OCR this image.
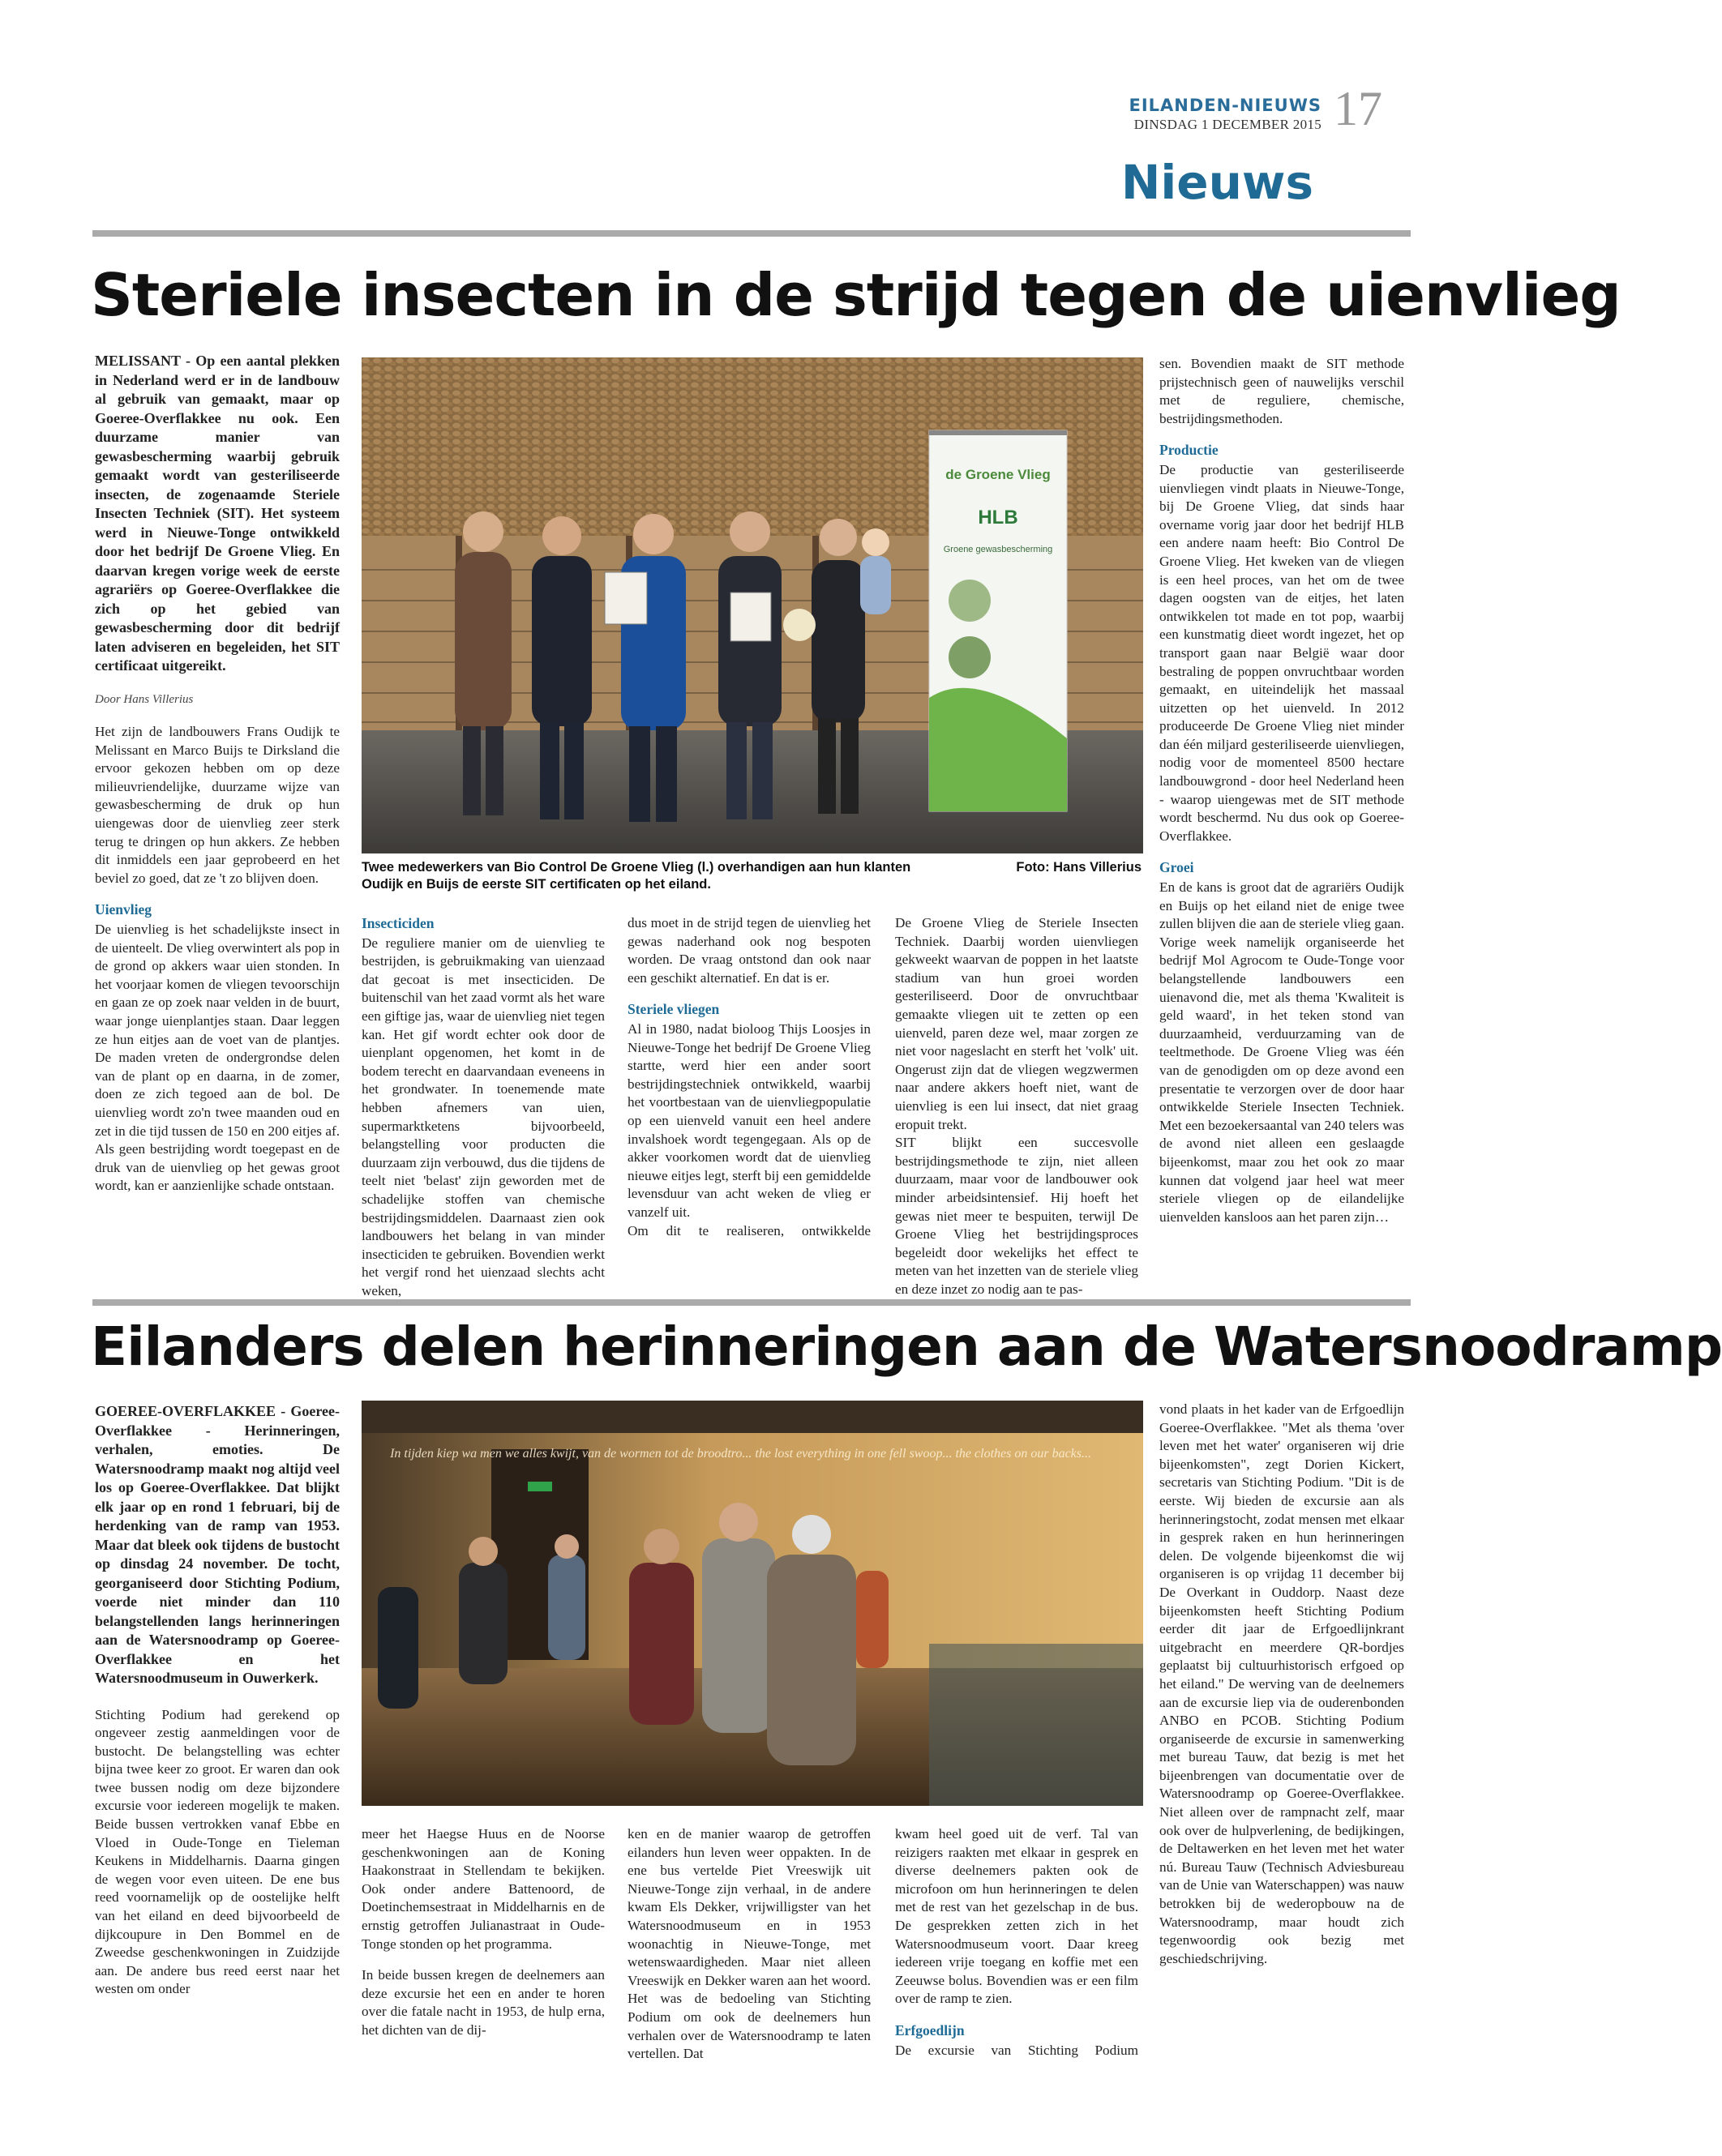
EILANDEN-NIEUWS
DINSDAG 1 DECEMBER 2015 17
Nieuws
Steriele insecten in de strijd tegen de uienvlieg
MELISSANT - Op een aantal plekken in Nederland werd er in de landbouw al gebruik van gemaakt, maar op Goeree-Overflakkee nu ook. Een duurzame manier van gewasbescherming waarbij gebruik gemaakt wordt van gesteriliseerde insecten, de zogenaamde Steriele Insecten Techniek (SIT). Het systeem werd in Nieuwe-Tonge ontwikkeld door het bedrijf De Groene Vlieg. En daarvan kregen vorige week de eerste agrariërs op Goeree-Overflakkee die zich op het gebied van gewasbescherming door dit bedrijf laten adviseren en begeleiden, het SIT certificaat uitgereikt.
Door Hans Villerius

Het zijn de landbouwers Frans Oudijk te Melissant en Marco Buijs te Dirksland die ervoor gekozen hebben om op deze milieuvriendelijke, duurzame wijze van gewasbescherming de druk op hun uiengewas door de uienvlieg zeer sterk terug te dringen op hun akkers. Ze hebben dit inmiddels een jaar geprobeerd en het beviel zo goed, dat ze 't zo blijven doen.

Uienvlieg

De uienvlieg is het schadelijkste insect in de uienteelt. De vlieg overwintert als pop in de grond op akkers waar uien stonden. In het voorjaar komen de vliegen tevoorschijn en gaan ze op zoek naar velden in de buurt, waar jonge uienplantjes staan. Daar leggen ze hun eitjes aan de voet van de plantjes. De maden vreten de ondergrondse delen van de plant op en daarna, in de zomer, doen ze zich tegoed aan de bol. De uienvlieg wordt zo'n twee maanden oud en zet in die tijd tussen de 150 en 200 eitjes af. Als geen bestrijding wordt toegepast en de druk van de uienvlieg op het gewas groot wordt, kan er aanzienlijke schade ontstaan.

de Groene Vlieg
HLB
Groene gewasbescherming
Twee medewerkers van Bio Control De Groene Vlieg (l.) overhandigen aan hun klanten Oudijk en Buijs de eerste SIT certificaten op het eiland.
Foto: Hans Villerius
Insecticiden

De reguliere manier om de uienvlieg te bestrijden, is gebruikmaking van uienzaad dat gecoat is met insecticiden. De buitenschil van het zaad vormt als het ware een giftige jas, waar de uienvlieg niet tegen kan. Het gif wordt echter ook door de uienplant opgenomen, het komt in de bodem terecht en daarvandaan eveneens in het grondwater. In toenemende mate hebben afnemers van uien, supermarktketens bijvoorbeeld, belangstelling voor producten die duurzaam zijn verbouwd, dus die tijdens de teelt niet 'belast' zijn geworden met de schadelijke stoffen van chemische bestrijdingsmiddelen. Daarnaast zien ook landbouwers het belang in van minder insecticiden te gebruiken. Bovendien werkt het vergif rond het uienzaad slechts acht weken,

dus moet in de strijd tegen de uienvlieg het gewas naderhand ook nog bespoten worden. De vraag ontstond dan ook naar een geschikt alternatief. En dat is er.

Steriele vliegen

Al in 1980, nadat bioloog Thijs Loosjes in Nieuwe-Tonge het bedrijf De Groene Vlieg startte, werd hier een ander soort bestrijdingstechniek ontwikkeld, waarbij het voortbestaan van de uienvliegpopulatie op een uienveld vanuit een heel andere invalshoek wordt tegengegaan. Als op de akker voorkomen wordt dat de uienvlieg nieuwe eitjes legt, sterft bij een gemiddelde levensduur van acht weken de vlieg er vanzelf uit.

Om dit te realiseren, ontwikkelde

De Groene Vlieg de Steriele Insecten Techniek. Daarbij worden uienvliegen gekweekt waarvan de poppen in het laatste stadium van hun groei worden gesteriliseerd. Door de onvruchtbaar gemaakte vliegen uit te zetten op een uienveld, paren deze wel, maar zorgen ze niet voor nageslacht en sterft het 'volk' uit. Ongerust zijn dat de vliegen wegzwermen naar andere akkers hoeft niet, want de uienvlieg is een lui insect, dat niet graag eropuit trekt.

SIT blijkt een succesvolle bestrijdingsmethode te zijn, niet alleen duurzaam, maar voor de landbouwer ook minder arbeidsintensief. Hij hoeft het gewas niet meer te bespuiten, terwijl De Groene Vlieg het bestrijdingsproces begeleidt door wekelijks het effect te meten van het inzetten van de steriele vlieg en deze inzet zo nodig aan te pas-

sen. Bovendien maakt de SIT methode prijstechnisch geen of nauwelijks verschil met de reguliere, chemische, bestrijdingsmethoden.

Productie

De productie van gesteriliseerde uienvliegen vindt plaats in Nieuwe-Tonge, bij De Groene Vlieg, dat sinds haar overname vorig jaar door het bedrijf HLB een andere naam heeft: Bio Control De Groene Vlieg. Het kweken van de vliegen is een heel proces, van het om de twee dagen oogsten van de eitjes, het laten ontwikkelen tot made en tot pop, waarbij een kunstmatig dieet wordt ingezet, het op transport gaan naar België waar door bestraling de poppen onvruchtbaar worden gemaakt, en uiteindelijk het massaal uitzetten op het uienveld. In 2012 produceerde De Groene Vlieg niet minder dan één miljard gesteriliseerde uienvliegen, nodig voor de momenteel 8500 hectare landbouwgrond - door heel Nederland heen - waarop uiengewas met de SIT methode wordt beschermd. Nu dus ook op Goeree-Overflakkee.

Groei

En de kans is groot dat de agrariërs Oudijk en Buijs op het eiland niet de enige twee zullen blijven die aan de steriele vlieg gaan. Vorige week namelijk organiseerde het bedrijf Mol Agrocom te Oude-Tonge voor belangstellende landbouwers een uienavond die, met als thema 'Kwaliteit is geld waard', in het teken stond van duurzaamheid, verduurzaming van de teeltmethode. De Groene Vlieg was één van de genodigden om op deze avond een presentatie te verzorgen over de door haar ontwikkelde Steriele Insecten Techniek. Met een bezoekersaantal van 240 telers was de avond niet alleen een geslaagde bijeenkomst, maar zou het ook zo maar kunnen dat volgend jaar heel wat meer steriele vliegen op de eilandelijke uienvelden kansloos aan het paren zijn…

Eilanders delen herinneringen aan de Watersnoodramp
GOEREE-OVERFLAKKEE - Goeree-Overflakkee - Herinneringen, verhalen, emoties. De Watersnoodramp maakt nog altijd veel los op Goeree-Overflakkee. Dat blijkt elk jaar op en rond 1 februari, bij de herdenking van de ramp van 1953. Maar dat bleek ook tijdens de bustocht op dinsdag 24 november. De tocht, georganiseerd door Stichting Podium, voerde niet minder dan 110 belangstellenden langs herinneringen aan de Watersnoodramp op Goeree-Overflakkee en het Watersnoodmuseum in Ouwerkerk.

Stichting Podium had gerekend op ongeveer zestig aanmeldingen voor de bustocht. De belangstelling was echter bijna twee keer zo groot. Er waren dan ook twee bussen nodig om deze bijzondere excursie voor iedereen mogelijk te maken. Beide bussen vertrokken vanaf Ebbe en Vloed in Oude-Tonge en Tieleman Keukens in Middelharnis. Daarna gingen de wegen voor even uiteen. De ene bus reed voornamelijk op de oostelijke helft van het eiland en deed bijvoorbeeld de dijkcoupure in Den Bommel en de Zweedse geschenkwoningen in Zuidzijde aan. De andere bus reed eerst naar het westen om onder

In tijden kiep wa men we alles kwijt, van de wormen tot de broodtro... the lost everything in one fell swoop... the clothes on our backs...

meer het Haegse Huus en de Noorse geschenkwoningen aan de Koning Haakonstraat in Stellendam te bekijken. Ook onder andere Battenoord, de Doetinchemsestraat in Middelharnis en de ernstig getroffen Julianastraat in Oude-Tonge stonden op het programma.

In beide bussen kregen de deelnemers aan deze excursie het een en ander te horen over die fatale nacht in 1953, de hulp erna, het dichten van de dij-

ken en de manier waarop de getroffen eilanders hun leven weer oppakten. In de ene bus vertelde Piet Vreeswijk uit Nieuwe-Tonge zijn verhaal, in de andere kwam Els Dekker, vrijwilligster van het Watersnoodmuseum en in 1953 woonachtig in Nieuwe-Tonge, met wetenswaardigheden. Maar niet alleen Vreeswijk en Dekker waren aan het woord. Het was de bedoeling van Stichting Podium om ook de deelnemers hun verhalen over de Watersnoodramp te laten vertellen. Dat

kwam heel goed uit de verf. Tal van reizigers raakten met elkaar in gesprek en diverse deelnemers pakten ook de microfoon om hun herinneringen te delen met de rest van het gezelschap in de bus. De gesprekken zetten zich in het Watersnoodmuseum voort. Daar kreeg iedereen vrije toegang en koffie met een Zeeuwse bolus. Bovendien was er een film over de ramp te zien.

Erfgoedlijn

De excursie van Stichting Podium

vond plaats in het kader van de Erfgoedlijn Goeree-Overflakkee. "Met als thema 'over leven met het water' organiseren wij drie bijeenkomsten", zegt Dorien Kickert, secretaris van Stichting Podium. "Dit is de eerste. Wij bieden de excursie aan als herinneringstocht, zodat mensen met elkaar in gesprek raken en hun herinneringen delen. De volgende bijeenkomst die wij organiseren is op vrijdag 11 december bij De Overkant in Ouddorp. Naast deze bijeenkomsten heeft Stichting Podium eerder dit jaar de Erfgoedlijnkrant uitgebracht en meerdere QR-bordjes geplaatst bij cultuurhistorisch erfgoed op het eiland." De werving van de deelnemers aan de excursie liep via de ouderenbonden ANBO en PCOB. Stichting Podium organiseerde de excursie in samenwerking met bureau Tauw, dat bezig is met het bijeenbrengen van documentatie over de Watersnoodramp op Goeree-Overflakkee. Niet alleen over de rampnacht zelf, maar ook over de hulpverlening, de bedijkingen, de Deltawerken en het leven met het water nú. Bureau Tauw (Technisch Adviesbureau van de Unie van Waterschappen) was nauw betrokken bij de wederopbouw na de Watersnoodramp, maar houdt zich tegenwoordig ook bezig met geschiedschrijving.
